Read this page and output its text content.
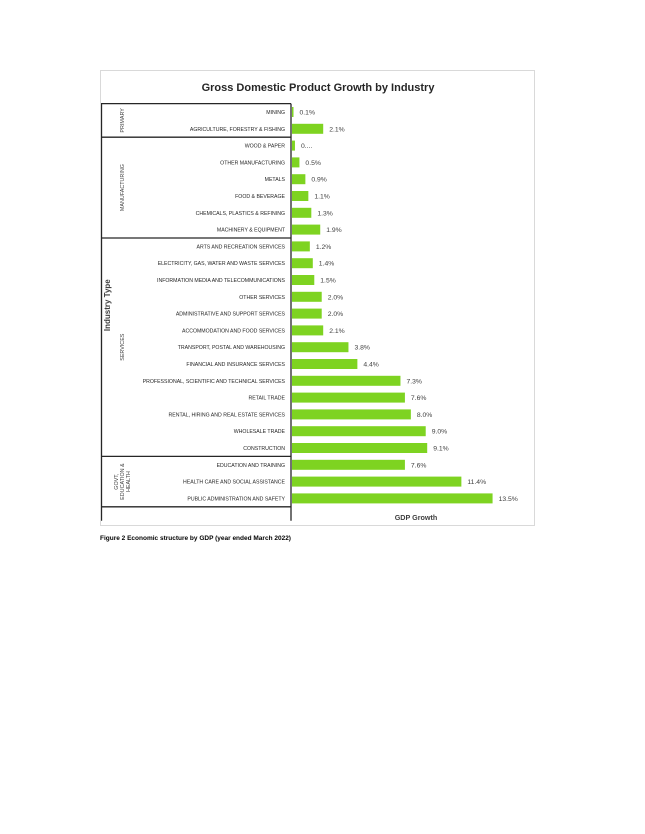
Gross Domestic Product Growth by Industry
MINING 0.1%
AGRICULTURE, FORESTRY & FISHING	2.1%
PRIMARY
WOOD & PAPER 0....
OTHER MANUFACTURING	0.5%
METALS	0.9%
FOOD & BEVERAGE	1.1%
CHEMICALS, PLASTICS & REFINING	1.3%
MACHINERY & EQUIPMENT	1.9%
MANUFACTURING
ARTS AND RECREATION SERVICES	1.2%
ELECTRICITY, GAS, WATER AND WASTE SERVICES	1.4%
INFORMATION MEDIA AND TELECOMMUNICATIONS	1.5%
OTHER SERVICES	2.0%
ADMINISTRATIVE AND SUPPORT SERVICES	2.0%
ACCOMMODATION AND FOOD SERVICES	2.1%
TRANSPORT, POSTAL AND WAREHOUSING	3.8%
FINANCIAL AND INSURANCE SERVICES	4.4%
PROFESSIONAL, SCIENTIFIC AND TECHNICAL SERVICES	7.3%
RETAIL TRADE	7.6%
RENTAL, HIRING AND REAL ESTATE SERVICES	8.0%
WHOLESALE TRADE	9.0%
CONSTRUCTION	9.1%
SERVICES
EDUCATION AND TRAINING	7.6%
HEALTH CARE AND SOCIAL ASSISTANCE	11.4%
PUBLIC ADMINISTRATION AND SAFETY	13.5%
GOVT,EDUCATION &HEALTH
Industry Type
GDP Growth
Figure 2 Economic structure by GDP (year ended March 2022)
